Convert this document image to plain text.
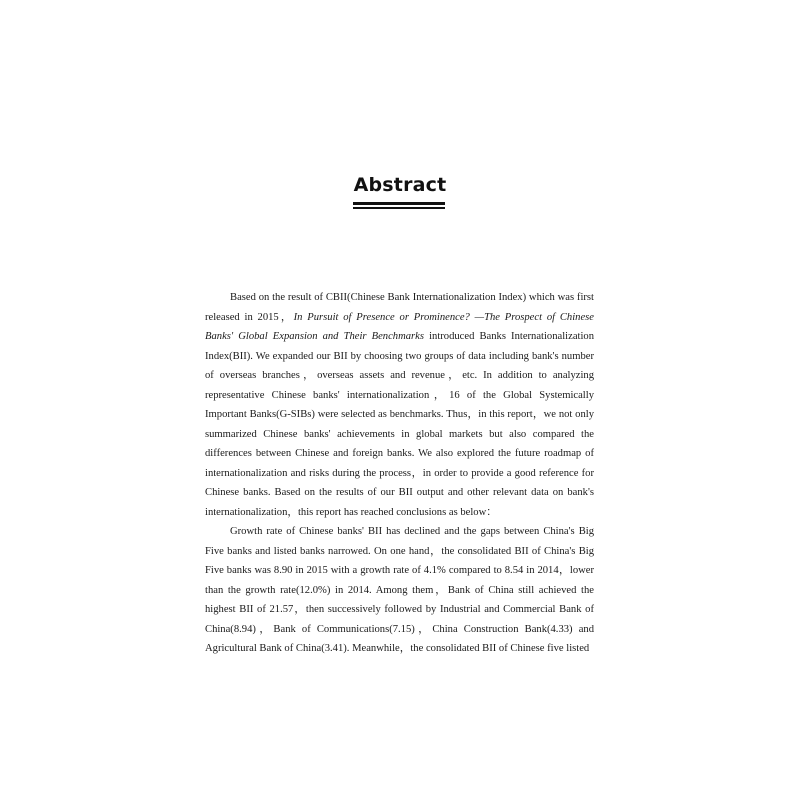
Abstract

Based on the result of CBII(Chinese Bank Internationalization Index) which was first released in 2015，In Pursuit of Presence or Prominence? —The Prospect of Chinese Banks' Global Expansion and Their Benchmarks introduced Banks Internationalization Index(BII). We expanded our BII by choosing two groups of data including bank's number of overseas branches，overseas assets and revenue，etc. In addition to analyzing representative Chinese banks' internationalization，16 of the Global Systemically Important Banks(G-SIBs) were selected as benchmarks. Thus，in this report，we not only summarized Chinese banks' achievements in global markets but also compared the differences between Chinese and foreign banks. We also explored the future roadmap of internationalization and risks during the process，in order to provide a good reference for Chinese banks. Based on the results of our BII output and other relevant data on bank's internationalization，this report has reached conclusions as below：

Growth rate of Chinese banks' BII has declined and the gaps between China's Big Five banks and listed banks narrowed. On one hand，the consolidated BII of China's Big Five banks was 8.90 in 2015 with a growth rate of 4.1% compared to 8.54 in 2014，lower than the growth rate(12.0%) in 2014. Among them，Bank of China still achieved the highest BII of 21.57，then successively followed by Industrial and Commercial Bank of China(8.94)，Bank of Communications(7.15)，China Construction Bank(4.33) and Agricultural Bank of China(3.41). Meanwhile，the consolidated BII of Chinese five listed
